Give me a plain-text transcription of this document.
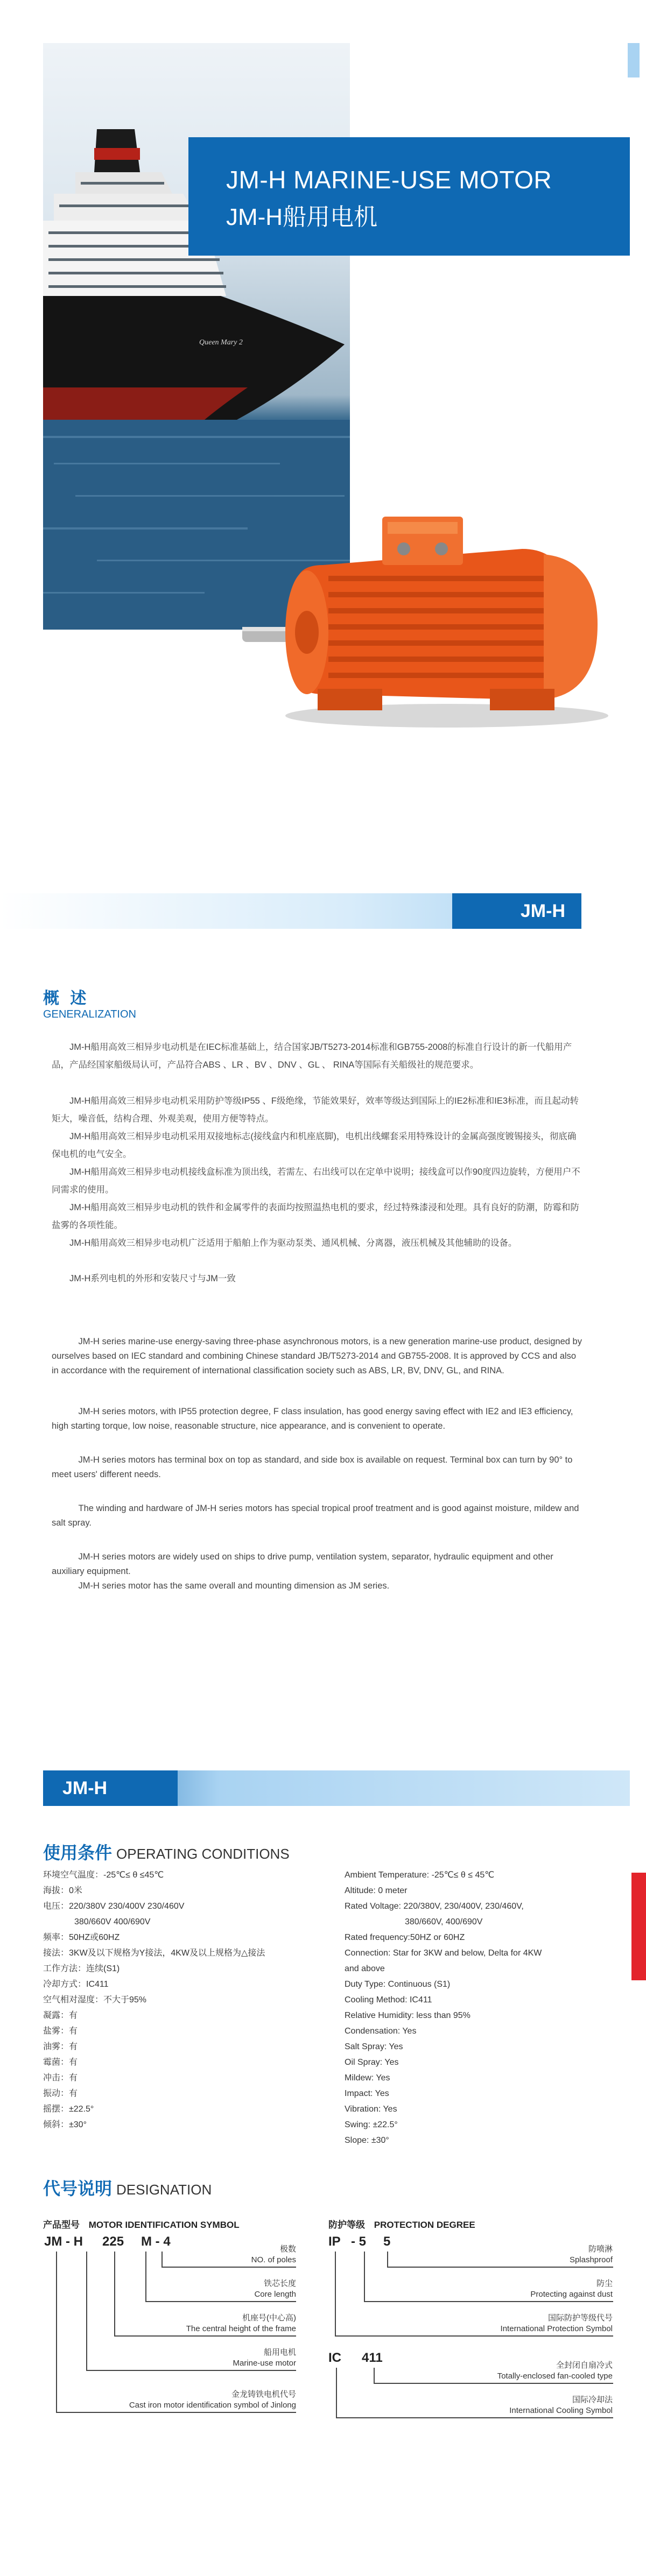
Queen Mary 2
JM-H MARINE-USE MOTOR
JM-H船用电机
JM-H
概 述
GENERALIZATION

JM-H船用高效三相异步电动机是在IEC标准基础上，结合国家JB/T5273-2014标准和GB755-2008的标准自行设计的新一代船用产品，产品经国家船级局认可，产品符合ABS 、LR 、BV 、DNV 、GL 、 RINA等国际有关船级社的规范要求。

JM-H船用高效三相异步电动机采用防护等级IP55 、F级绝缘，节能效果好，效率等级达到国际上的IE2标准和IE3标准，而且起动转矩大，噪音低，结构合理、外观美观，使用方便等特点。

JM-H船用高效三相异步电动机采用双接地标志(接线盒内和机座底脚)，电机出线螺套采用特殊设计的金属高强度镀锡接头，彻底确保电机的电气安全。

JM-H船用高效三相异步电动机接线盒标准为顶出线，若需左、右出线可以在定单中说明；接线盒可以作90度四边旋转，方便用户不同需求的使用。

JM-H船用高效三相异步电动机的铁件和金属零件的表面均按照温热电机的要求，经过特殊漆浸和处理。具有良好的防潮，防霉和防盐雾的各项性能。

JM-H船用高效三相异步电动机广泛适用于船舶上作为驱动泵类、通风机械、分离器，液压机械及其他辅助的设备。

JM-H系列电机的外形和安装尺寸与JM一致

JM-H series marine-use energy-saving three-phase asynchronous motors, is a new generation marine-use product, designed by ourselves based on IEC standard and combining Chinese standard JB/T5273-2014 and GB755-2008. It is approved by CCS and also in accordance with the requirement of international classification society such as ABS, LR, BV, DNV, GL, and RINA.

JM-H series motors, with IP55 protection degree, F class insulation, has good energy saving effect with IE2 and IE3 efficiency, high starting torque, low noise, reasonable structure, nice appearance, and is convenient to operate.

JM-H series motors has terminal box on top as standard, and side box is available on request. Terminal box can turn by 90° to meet users' different needs.

The winding and hardware of JM-H series motors has special tropical proof treatment and is good against moisture, mildew and salt spray.

JM-H series motors are widely used on ships to drive pump, ventilation system, separator, hydraulic equipment and other auxiliary equipment.

JM-H series motor has the same overall and mounting dimension as JM series.

JM-H
使用条件 OPERATING CONDITIONS
环境空气温度：-25℃≤ θ ≤45℃
海拔：0米
电压：220/380V 230/400V 230/460V
380/660V 400/690V
频率：50HZ或60HZ
接法：3KW及以下规格为Y接法，4KW及以上规格为△接法
工作方法：连续(S1)
冷却方式：IC411
空气相对湿度：不大于95%
凝露：有
盐雾：有
油雾：有
霉菌：有
冲击：有
振动：有
摇摆：±22.5°
倾斜：±30°
Ambient Temperature: -25℃≤ θ ≤ 45℃
Altitude: 0 meter
Rated Voltage: 220/380V, 230/400V, 230/460V,
380/660V, 400/690V
Rated frequency:50HZ or 60HZ
Connection: Star for 3KW and below, Delta for 4KW
and above
Duty Type: Continuous (S1)
Cooling Method: IC411
Relative Humidity: less than 95%
Condensation: Yes
Salt Spray: Yes
Oil Spray: Yes
Mildew: Yes
Impact: Yes
Vibration: Yes
Swing: ±22.5°
Slope: ±30°
代号说明 DESIGNATION
产品型号 MOTOR IDENTIFICATION SYMBOL
JM - H 225 M - 4
极数
NO. of poles
铁芯长度
Core length
机座号(中心高)
The central height of the frame
船用电机
Marine-use motor
金龙铸铁电机代号
Cast iron motor identification symbol of Jinlong
防护等级 PROTECTION DEGREE
IP - 5 5
防喷淋
Splashproof
防尘
Protecting against dust
国际防护等级代号
International Protection Symbol
IC 411
全封闭自扇冷式
Totally-enclosed fan-cooled type
国际冷却法
International Cooling Symbol
